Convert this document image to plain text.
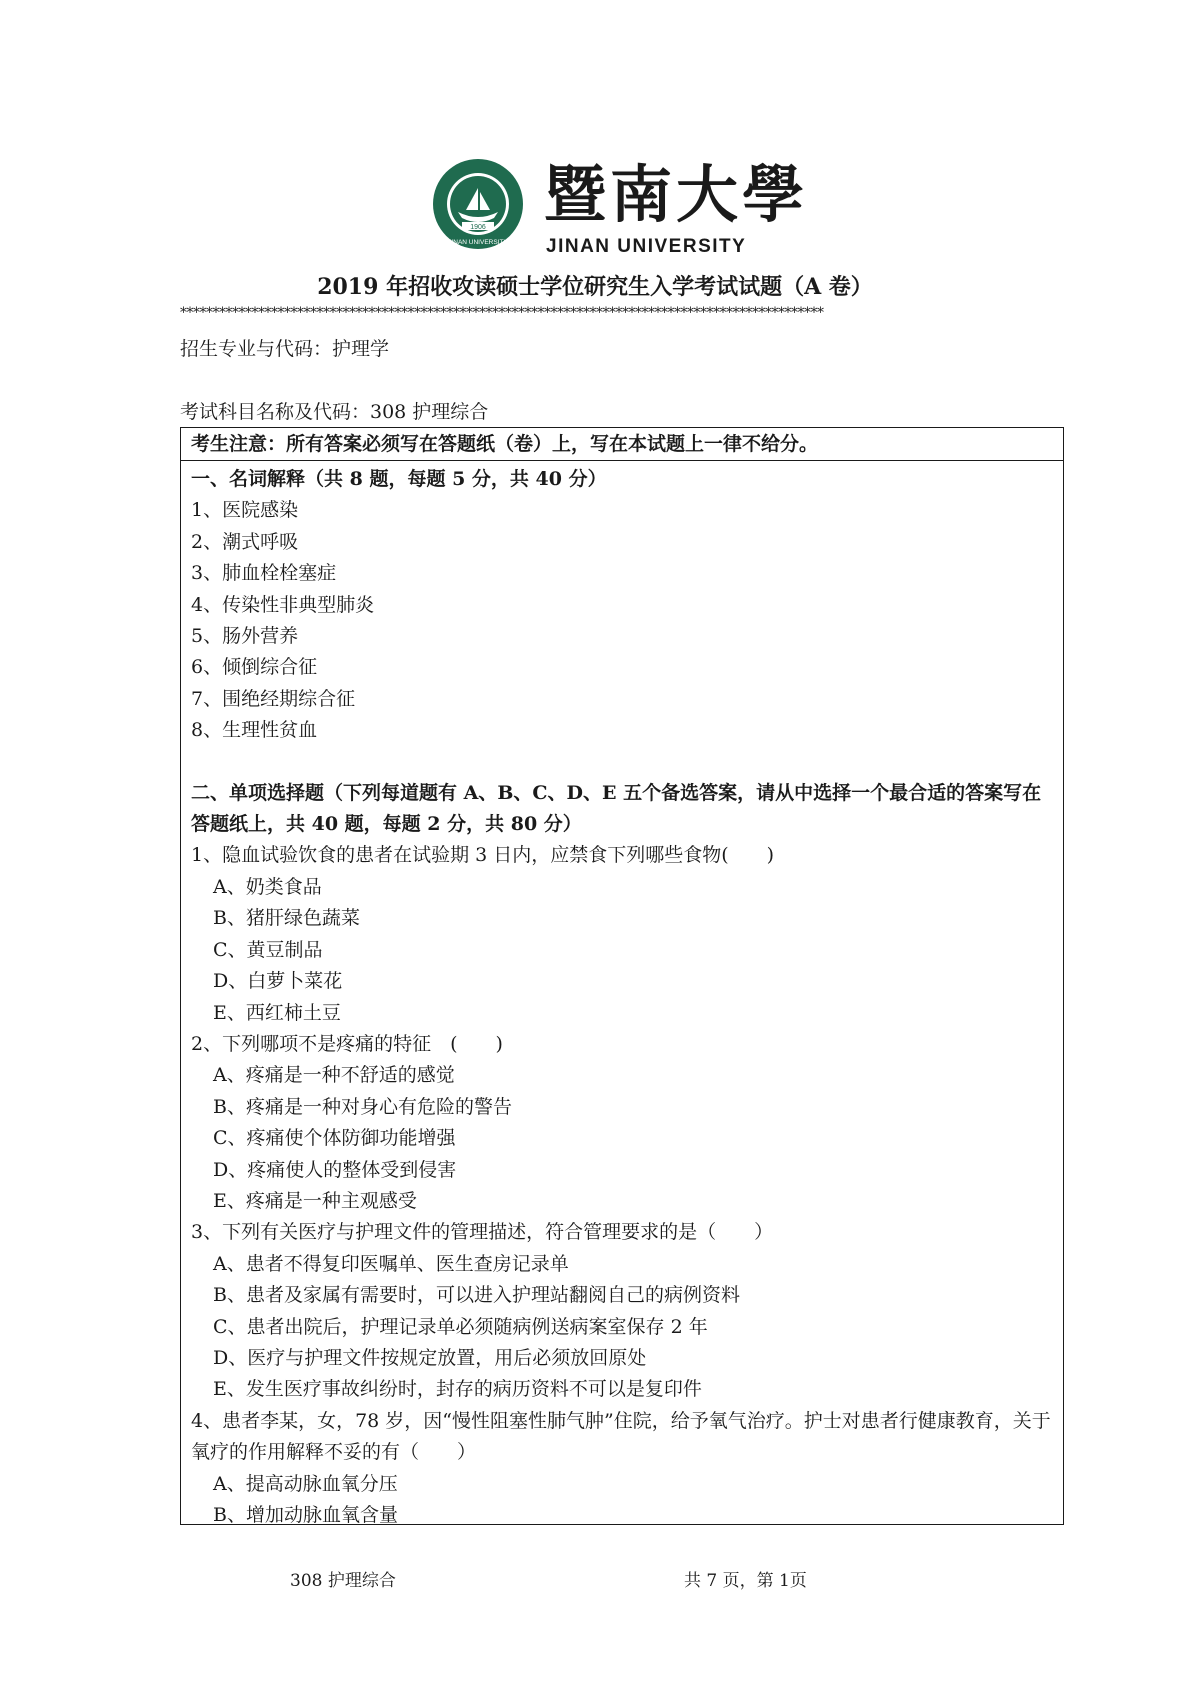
1906
JINAN UNIVERSITY
暨南大學
JINAN UNIVERSITY
2019 年招收攻读硕士学位研究生入学考试试题（A 卷）
***************************************************************************************************
招生专业与代码：护理学
考试科目名称及代码：308 护理综合
考生注意：所有答案必须写在答题纸（卷）上，写在本试题上一律不给分。
一、名词解释（共 8 题，每题 5 分，共 40 分）
1、医院感染
2、潮式呼吸
3、肺血栓栓塞症
4、传染性非典型肺炎
5、肠外营养
6、倾倒综合征
7、围绝经期综合征
8、生理性贫血
二、单项选择题（下列每道题有 A、B、C、D、E 五个备选答案，请从中选择一个最合适的答案写在答题纸上，共 40 题，每题 2 分，共 80 分）
1、隐血试验饮食的患者在试验期 3 日内，应禁食下列哪些食物(　　)
A、奶类食品
B、猪肝绿色蔬菜
C、黄豆制品
D、白萝卜菜花
E、西红柿土豆
2、下列哪项不是疼痛的特征　(　　)
A、疼痛是一种不舒适的感觉
B、疼痛是一种对身心有危险的警告
C、疼痛使个体防御功能增强
D、疼痛使人的整体受到侵害
E、疼痛是一种主观感受
3、下列有关医疗与护理文件的管理描述，符合管理要求的是（　　）
A、患者不得复印医嘱单、医生查房记录单
B、患者及家属有需要时，可以进入护理站翻阅自己的病例资料
C、患者出院后，护理记录单必须随病例送病案室保存 2 年
D、医疗与护理文件按规定放置，用后必须放回原处
E、发生医疗事故纠纷时，封存的病历资料不可以是复印件
4、患者李某，女，78 岁，因“慢性阻塞性肺气肿”住院，给予氧气治疗。护士对患者行健康教育，关于氧疗的作用解释不妥的有（　　）
A、提高动脉血氧分压
B、增加动脉血氧含量
308 护理综合	共 7 页，第 1页
